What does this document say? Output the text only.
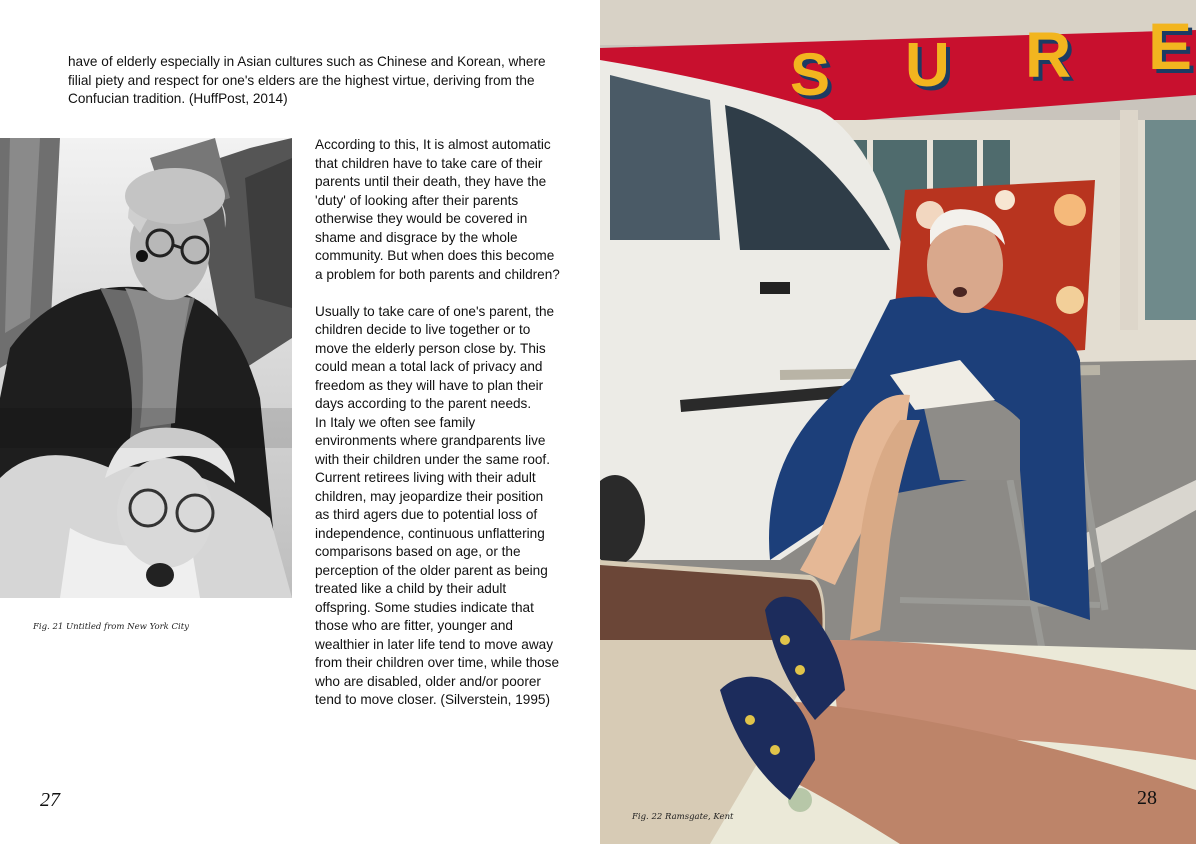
have of elderly especially in Asian cultures such as Chinese and Korean, where filial piety and respect for one's elders are the highest virtue, deriving from the Confucian tradition. (HuffPost, 2014)
Fig. 21 Untitled from New York City

According to this, It is almost automatic that children have to take care of their parents until their death, they have the 'duty' of looking after their parents otherwise they would be covered in shame and disgrace by the whole community. But when does this become a problem for both parents and children?

Usually to take care of one's parent, the children decide to live together or to move the elderly person close by. This could mean a total lack of privacy and freedom as they will have to plan their days according to the parent needs.

In Italy we often see family environments where grandparents live with their children under the same roof. Current retirees living with their adult children, may jeopardize their position as third agers due to potential loss of independence, continuous unflattering comparisons based on age, or the perception of the older parent as being treated like a child by their adult offspring. Some studies indicate that those who are fitter, younger and wealthier in later life tend to move away from their children over time, while those who are disabled, older and/or poorer tend to move closer. (Silverstein, 1995)

27
S U R E
Fig. 22 Ramsgate, Kent
28
